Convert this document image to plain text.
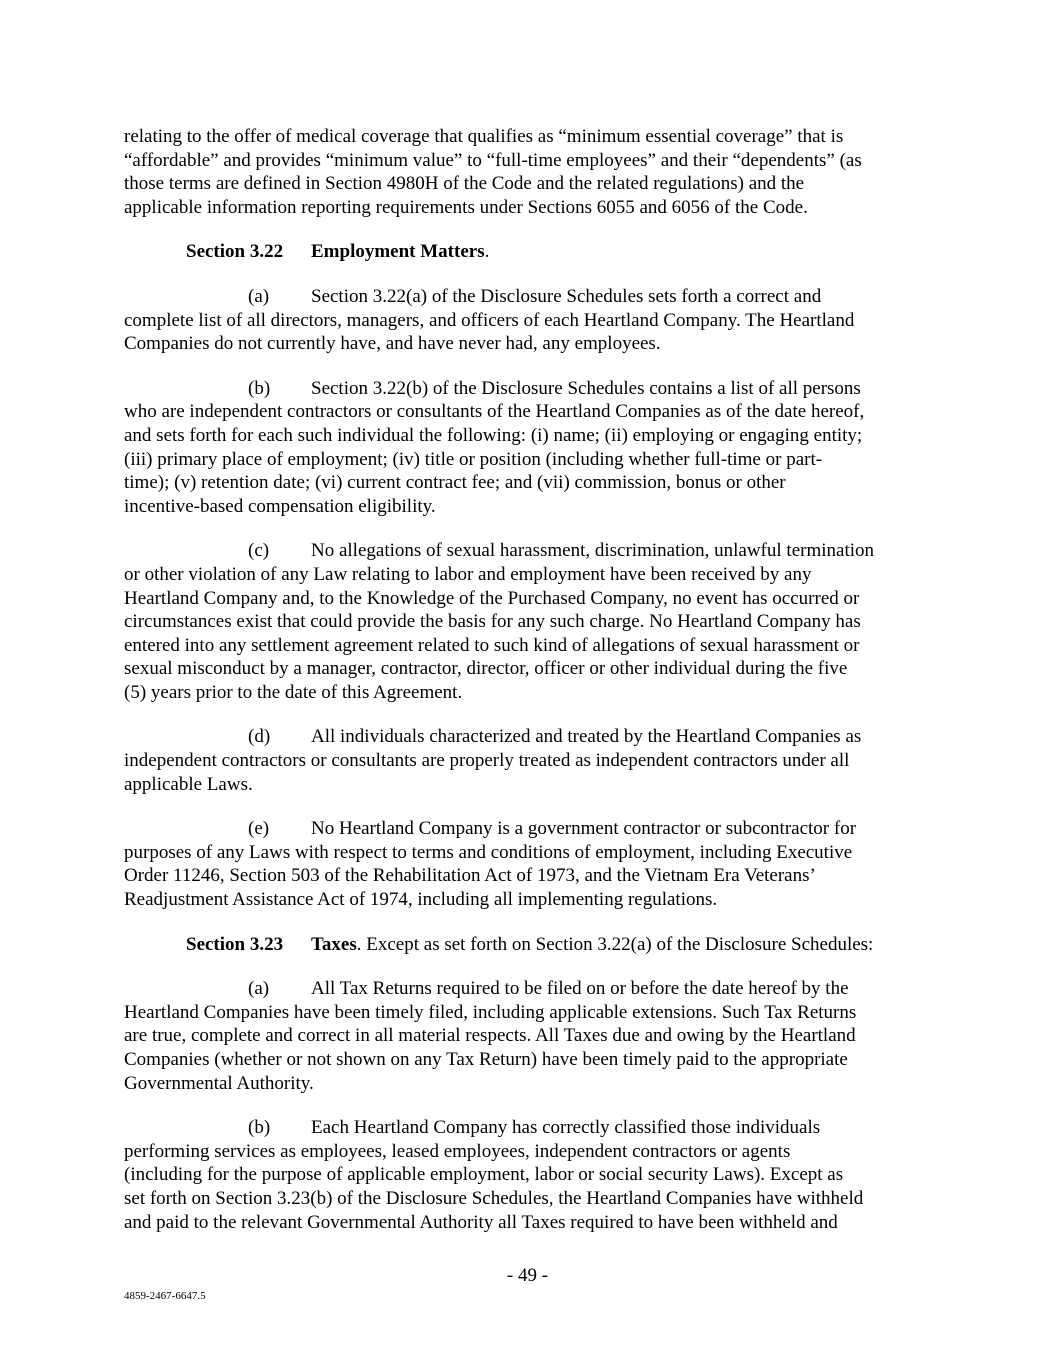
relating to the offer of medical coverage that qualifies as “minimum essential coverage” that is
“affordable” and provides “minimum value” to “full-time employees” and their “dependents” (as
those terms are defined in Section 4980H of the Code and the related regulations) and the
applicable information reporting requirements under Sections 6055 and 6056 of the Code.
Section 3.22 Employment Matters.
(a) Section 3.22(a) of the Disclosure Schedules sets forth a correct and
complete list of all directors, managers, and officers of each Heartland Company. The Heartland
Companies do not currently have, and have never had, any employees.
(b) Section 3.22(b) of the Disclosure Schedules contains a list of all persons
who are independent contractors or consultants of the Heartland Companies as of the date hereof,
and sets forth for each such individual the following: (i) name; (ii) employing or engaging entity;
(iii) primary place of employment; (iv) title or position (including whether full-time or part-
time); (v) retention date; (vi) current contract fee; and (vii) commission, bonus or other
incentive-based compensation eligibility.
(c) No allegations of sexual harassment, discrimination, unlawful termination
or other violation of any Law relating to labor and employment have been received by any
Heartland Company and, to the Knowledge of the Purchased Company, no event has occurred or
circumstances exist that could provide the basis for any such charge. No Heartland Company has
entered into any settlement agreement related to such kind of allegations of sexual harassment or
sexual misconduct by a manager, contractor, director, officer or other individual during the five
(5) years prior to the date of this Agreement.
(d) All individuals characterized and treated by the Heartland Companies as
independent contractors or consultants are properly treated as independent contractors under all
applicable Laws.
(e) No Heartland Company is a government contractor or subcontractor for
purposes of any Laws with respect to terms and conditions of employment, including Executive
Order 11246, Section 503 of the Rehabilitation Act of 1973, and the Vietnam Era Veterans’
Readjustment Assistance Act of 1974, including all implementing regulations.
Section 3.23 Taxes. Except as set forth on Section 3.22(a) of the Disclosure Schedules:
(a) All Tax Returns required to be filed on or before the date hereof by the
Heartland Companies have been timely filed, including applicable extensions. Such Tax Returns
are true, complete and correct in all material respects. All Taxes due and owing by the Heartland
Companies (whether or not shown on any Tax Return) have been timely paid to the appropriate
Governmental Authority.
(b) Each Heartland Company has correctly classified those individuals
performing services as employees, leased employees, independent contractors or agents
(including for the purpose of applicable employment, labor or social security Laws). Except as
set forth on Section 3.23(b) of the Disclosure Schedules, the Heartland Companies have withheld
and paid to the relevant Governmental Authority all Taxes required to have been withheld and
- 49 -
4859-2467-6647.5
